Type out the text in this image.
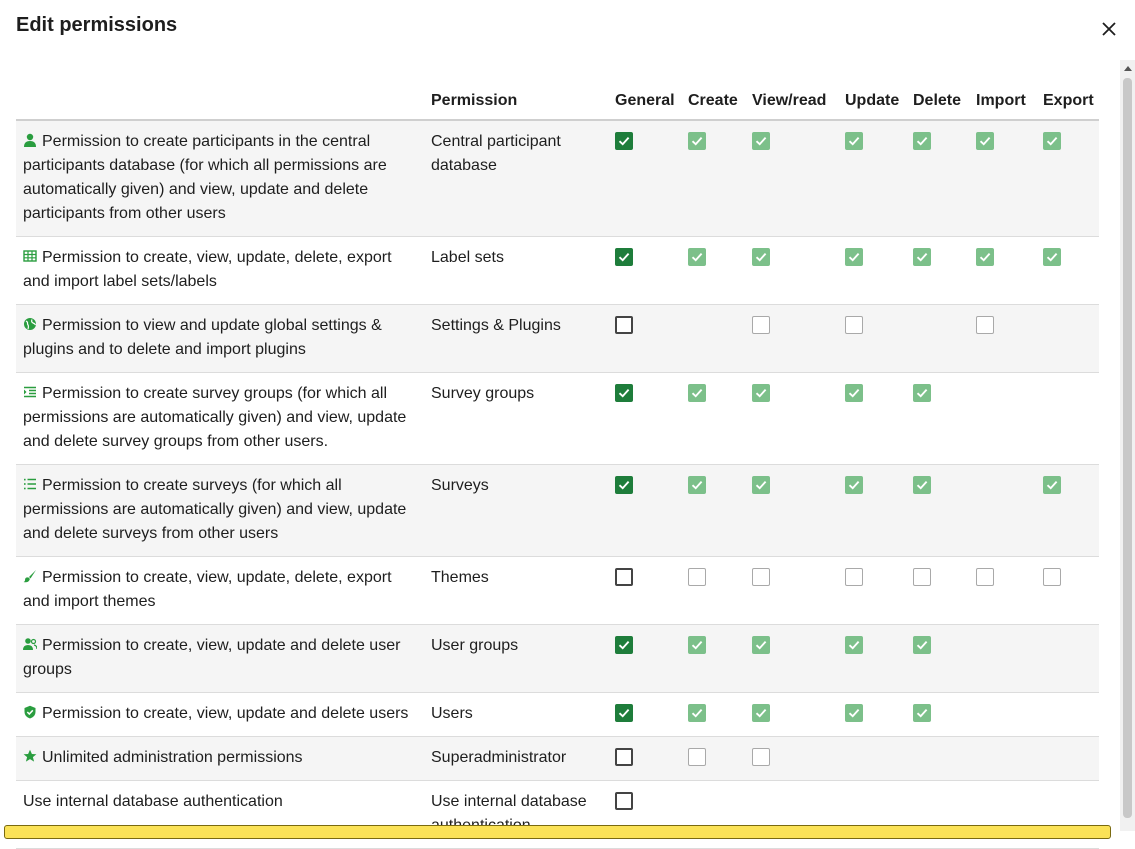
Edit permissions
	Permission	General	Create	View/read	Update	Delete	Import	Export

Permission to create participants in the central participants database (for which all permissions are automatically given) and view, update and delete participants from other users	Central participant database	

Permission to create, view, update, delete, export and import label sets/labels	Label sets	

Permission to view and update global settings & plugins and to delete and import plugins	Settings & Plugins	

Permission to create survey groups (for which all permissions are automatically given) and view, update and delete survey groups from other users.	Survey groups	

Permission to create surveys (for which all permissions are automatically given) and view, update and delete surveys from other users	Surveys	

Permission to create, view, update, delete, export and import themes	Themes	

Permission to create, view, update and delete user groups	User groups	

Permission to create, view, update and delete users	Users	

Unlimited administration permissions	Superadministrator	

Use internal database authentication	Use internal database	
